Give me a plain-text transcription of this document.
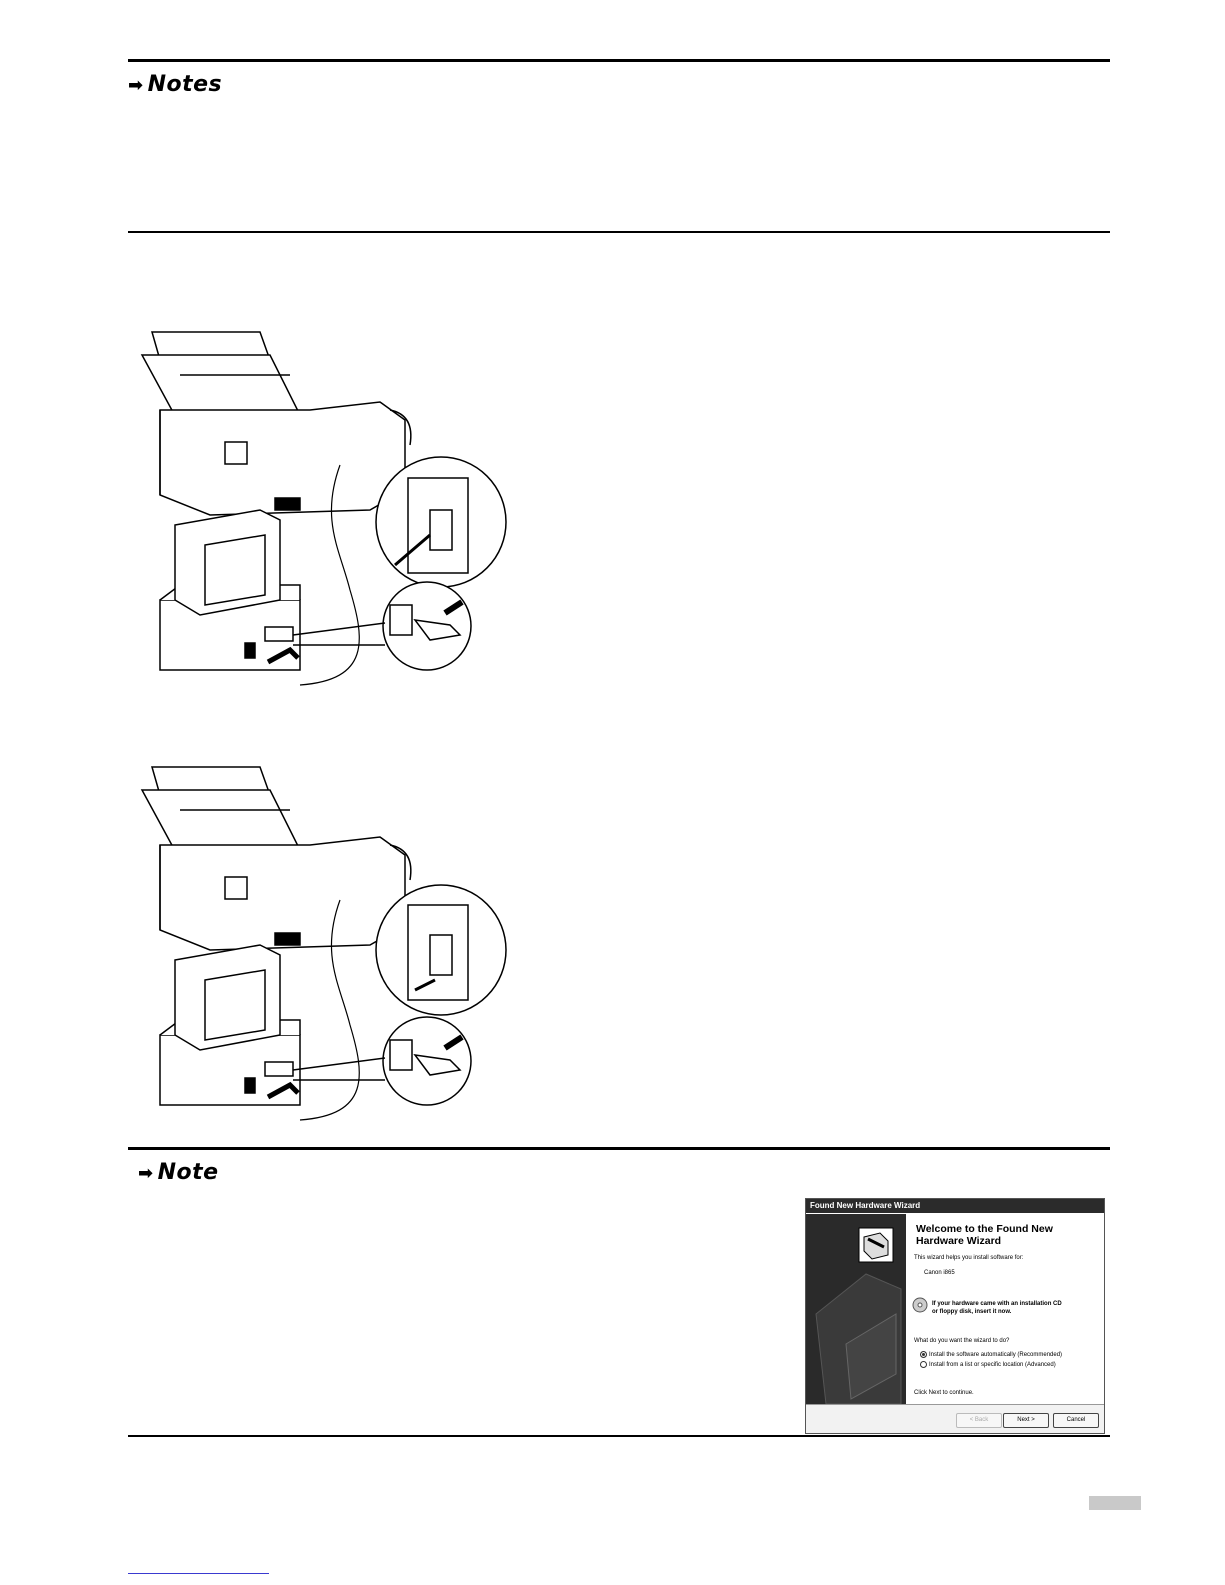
➡ Notes
➡ Note
Found New Hardware Wizard
Welcome to the Found New
Hardware Wizard
This wizard helps you install software for:
Canon i865
If your hardware came with an installation CD
or floppy disk, insert it now.
What do you want the wizard to do?
Install the software automatically (Recommended)
Install from a list or specific location (Advanced)
Click Next to continue.
< Back	Next >	Cancel
